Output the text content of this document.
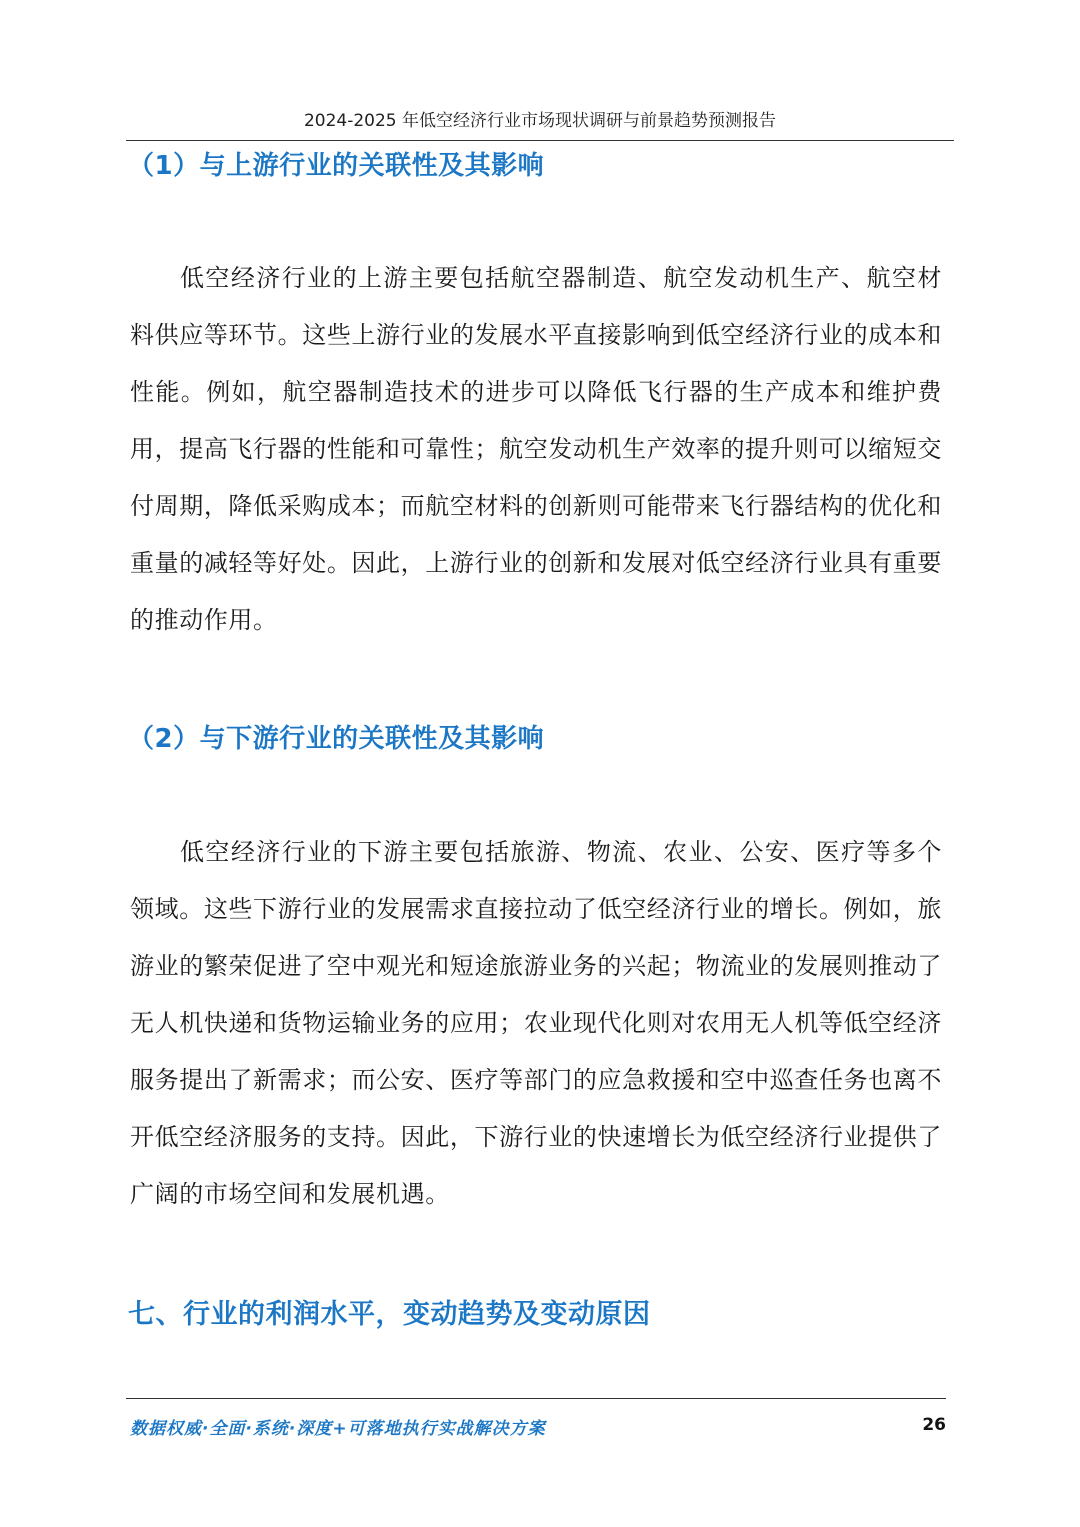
2024-2025 年低空经济行业市场现状调研与前景趋势预测报告
（1）与上游行业的关联性及其影响
低空经济行业的上游主要包括航空器制造、航空发动机生产、航空材料供应等环节。这些上游行业的发展水平直接影响到低空经济行业的成本和性能。例如，航空器制造技术的进步可以降低飞行器的生产成本和维护费用，提高飞行器的性能和可靠性；航空发动机生产效率的提升则可以缩短交付周期，降低采购成本；而航空材料的创新则可能带来飞行器结构的优化和重量的减轻等好处。因此，上游行业的创新和发展对低空经济行业具有重要的推动作用。
（2）与下游行业的关联性及其影响
低空经济行业的下游主要包括旅游、物流、农业、公安、医疗等多个领域。这些下游行业的发展需求直接拉动了低空经济行业的增长。例如，旅游业的繁荣促进了空中观光和短途旅游业务的兴起；物流业的发展则推动了无人机快递和货物运输业务的应用；农业现代化则对农用无人机等低空经济服务提出了新需求；而公安、医疗等部门的应急救援和空中巡查任务也离不开低空经济服务的支持。因此，下游行业的快速增长为低空经济行业提供了广阔的市场空间和发展机遇。
七、行业的利润水平，变动趋势及变动原因
数据权威·全面·系统·深度+可落地执行实战解决方案	26
